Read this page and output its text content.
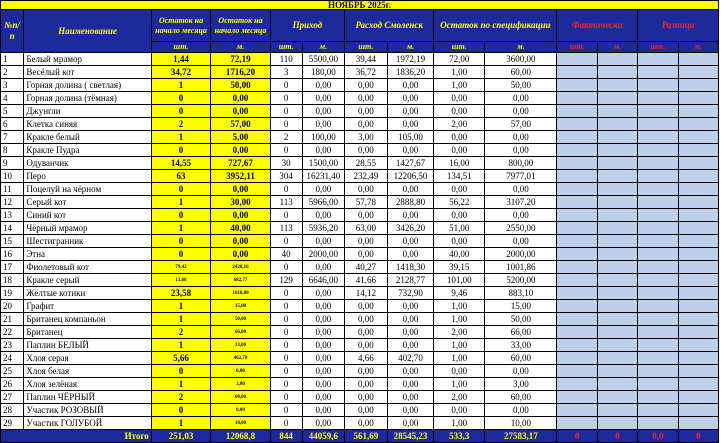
НОЯБРЬ 2025г.													
№п/п	Наименование	Остаток на начало месяца	Остаток на начало месяца	Приход		Расход Смоленск		Остаток по спецификации		Фактически		Разница	
		шт.	м.	шт.	м.	шт.	м.	шт.	м.	шт.	м.	шт.	м.
1	Белый мрамор	1,44	72,19	110	5500,00	39,44	1972,19	72,00	3600,00				
2	Весёлый кот	34,72	1716,20	3	180,00	36,72	1836,20	1,00	60,00				
3	Горная долина ( светлая)	1	50,00	0	0,00	0,00	0,00	1,00	50,00				
4	Горная долина (тёмная)	0	0,00	0	0,00	0,00	0,00	0,00	0,00				
5	Джунгли	0	0,00	0	0,00	0,00	0,00	0,00	0,00				
6	Клетка синяя	2	57,00	0	0,00	0,00	0,00	2,00	57,00				
7	Кракле белый	1	5,00	2	100,00	3,00	105,00	0,00	0,00				
8	Кракле Пудра	0	0,00	0	0,00	0,00	0,00	0,00	0,00				
9	Одуванчик	14,55	727,67	30	1500,00	28,55	1427,67	16,00	800,00				
10	Перо	63	3952,11	304	16231,40	232,49	12206,50	134,51	7977,01				
11	Поцелуй на чёрном	0	0,00	0	0,00	0,00	0,00	0,00	0,00				
12	Серый кот	1	30,00	113	5966,00	57,78	2888,80	56,22	3107,20				
13	Синий кот	0	0,00	0	0,00	0,00	0,00	0,00	0,00				
14	Чёрный мрамор	1	40,00	113	5936,20	63,00	3426,20	51,00	2550,00				
15	Шестигранник	0	0,00	0	0,00	0,00	0,00	0,00	0,00				
16	Этна	0	0,00	40	2000,00	0,00	0,00	40,00	2000,00				
17	Фиолетовый кот	79,42	2420,16	0	0,00	40,27	1418,30	39,15	1001,86				
18	Кракле серый	13,66	682,77	129	6646,00	41,66	2128,77	101,00	5200,00				
19	Жёлтые котики	23,58	1616,00	0	0,00	14,12	732,90	9,46	883,10				
20	Графит	1	15,00	0	0,00	0,00	0,00	1,00	15,00				
21	Британец компаньон	1	50,00	0	0,00	0,00	0,00	1,00	50,00				
22	Британец	2	66,00	0	0,00	0,00	0,00	2,00	66,00				
23	Паплин БЕЛЫЙ	1	33,00	0	0,00	0,00	0,00	1,00	33,00				
24	Хлоя серая	5,66	462,70	0	0,00	4,66	402,70	1,00	60,00				
25	Хлоя белая	0	0,00	0	0,00	0,00	0,00	0,00	0,00				
26	Хлоя зелёная	1	3,00	0	0,00	0,00	0,00	1,00	3,00				
27	Паплин ЧЁРНЫЙ	2	60,00	0	0,00	0,00	0,00	2,00	60,00				
28	Участик РОЗОВЫЙ	0	0,00	0	0,00	0,00	0,00	0,00	0,00				
29	Участик ГОЛУБОЙ	1	10,00	0	0,00	0,00	0,00	1,00	10,00				
Итого		251,03	12068,8	844	44059,6	561,69	28545,23	533,3	27583,17	0	0	0,0	0
